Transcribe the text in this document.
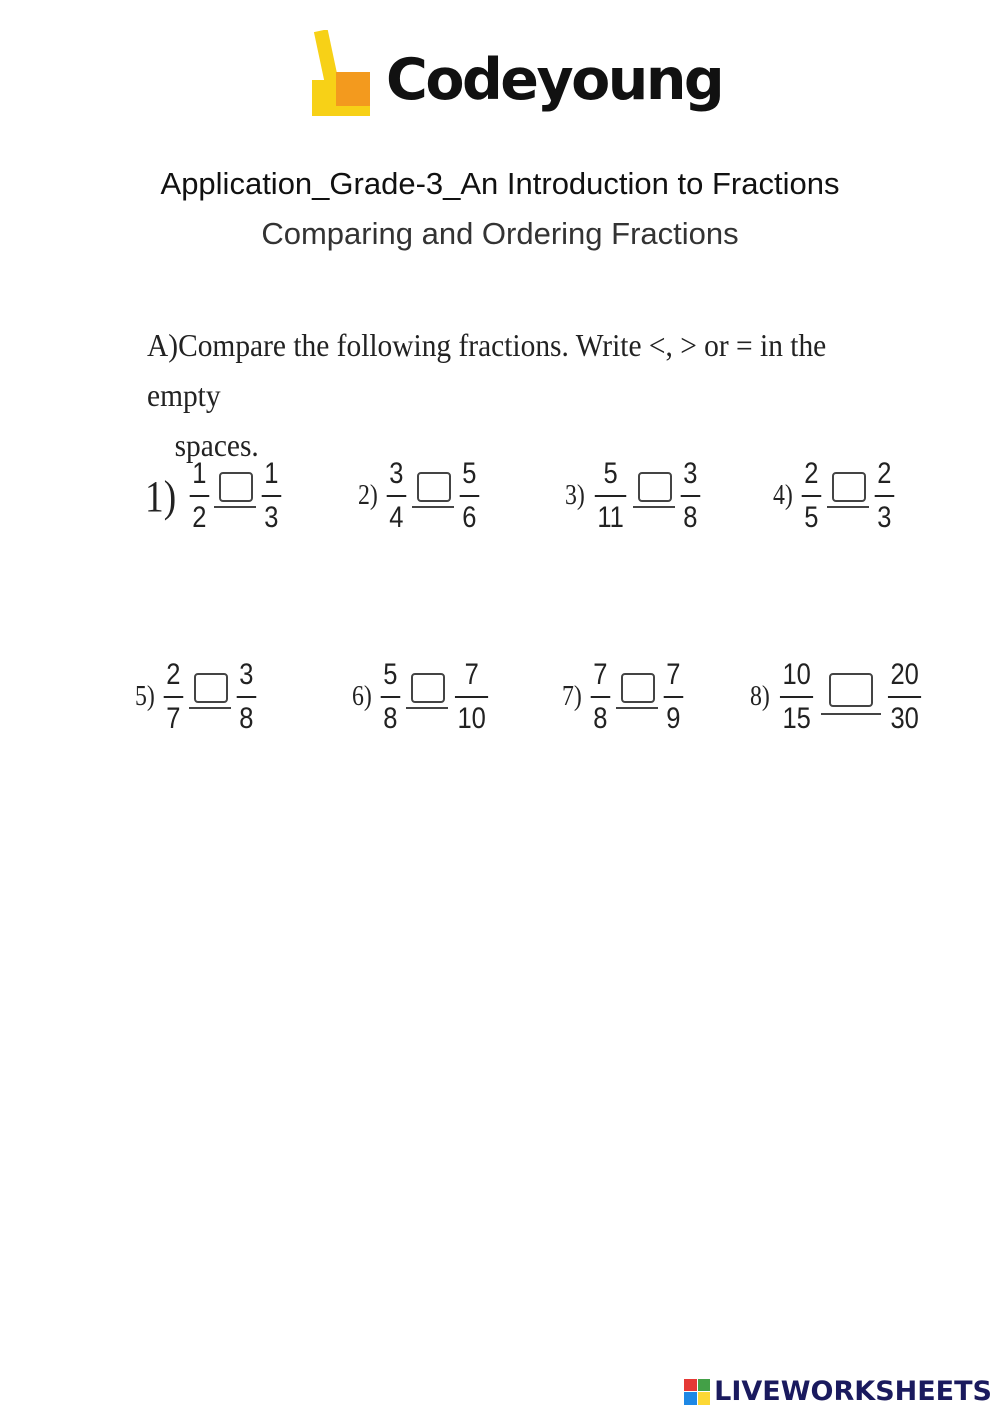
Codeyoung
Application_Grade-3_An Introduction to Fractions
Comparing and Ordering Fractions
A)Compare the following fractions. Write <, > or = in the empty
spaces.
$1) \frac{1}{2} \frac{1}{3}$	$2) \frac{3}{4} \frac{5}{6}$	$3) \frac{5}{11} \frac{3}{8}$	$4) \frac{2}{5} \frac{2}{3}$
$5) \frac{2}{7} \frac{3}{8}$	$6) \frac{5}{8} \frac{7}{10}$	$7) \frac{7}{8} \frac{7}{9} 8) \frac{10}{15} \frac{20}{30}$
LIVEWORKSHEETS
